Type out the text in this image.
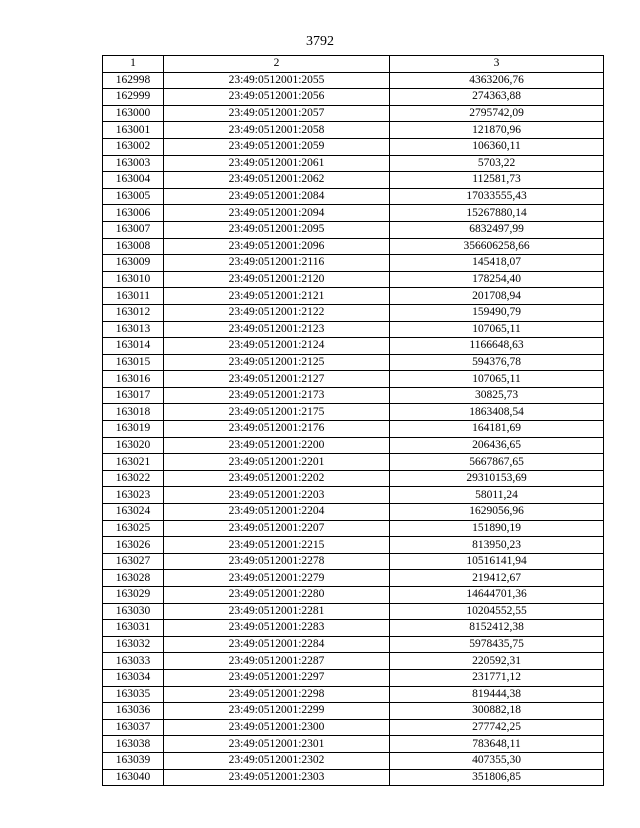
3792
1	2	3
162998	23:49:0512001:2055	4363206,76
162999	23:49:0512001:2056	274363,88
163000	23:49:0512001:2057	2795742,09
163001	23:49:0512001:2058	121870,96
163002	23:49:0512001:2059	106360,11
163003	23:49:0512001:2061	5703,22
163004	23:49:0512001:2062	112581,73
163005	23:49:0512001:2084	17033555,43
163006	23:49:0512001:2094	15267880,14
163007	23:49:0512001:2095	6832497,99
163008	23:49:0512001:2096	356606258,66
163009	23:49:0512001:2116	145418,07
163010	23:49:0512001:2120	178254,40
163011	23:49:0512001:2121	201708,94
163012	23:49:0512001:2122	159490,79
163013	23:49:0512001:2123	107065,11
163014	23:49:0512001:2124	1166648,63
163015	23:49:0512001:2125	594376,78
163016	23:49:0512001:2127	107065,11
163017	23:49:0512001:2173	30825,73
163018	23:49:0512001:2175	1863408,54
163019	23:49:0512001:2176	164181,69
163020	23:49:0512001:2200	206436,65
163021	23:49:0512001:2201	5667867,65
163022	23:49:0512001:2202	29310153,69
163023	23:49:0512001:2203	58011,24
163024	23:49:0512001:2204	1629056,96
163025	23:49:0512001:2207	151890,19
163026	23:49:0512001:2215	813950,23
163027	23:49:0512001:2278	10516141,94
163028	23:49:0512001:2279	219412,67
163029	23:49:0512001:2280	14644701,36
163030	23:49:0512001:2281	10204552,55
163031	23:49:0512001:2283	8152412,38
163032	23:49:0512001:2284	5978435,75
163033	23:49:0512001:2287	220592,31
163034	23:49:0512001:2297	231771,12
163035	23:49:0512001:2298	819444,38
163036	23:49:0512001:2299	300882,18
163037	23:49:0512001:2300	277742,25
163038	23:49:0512001:2301	783648,11
163039	23:49:0512001:2302	407355,30
163040	23:49:0512001:2303	351806,85
